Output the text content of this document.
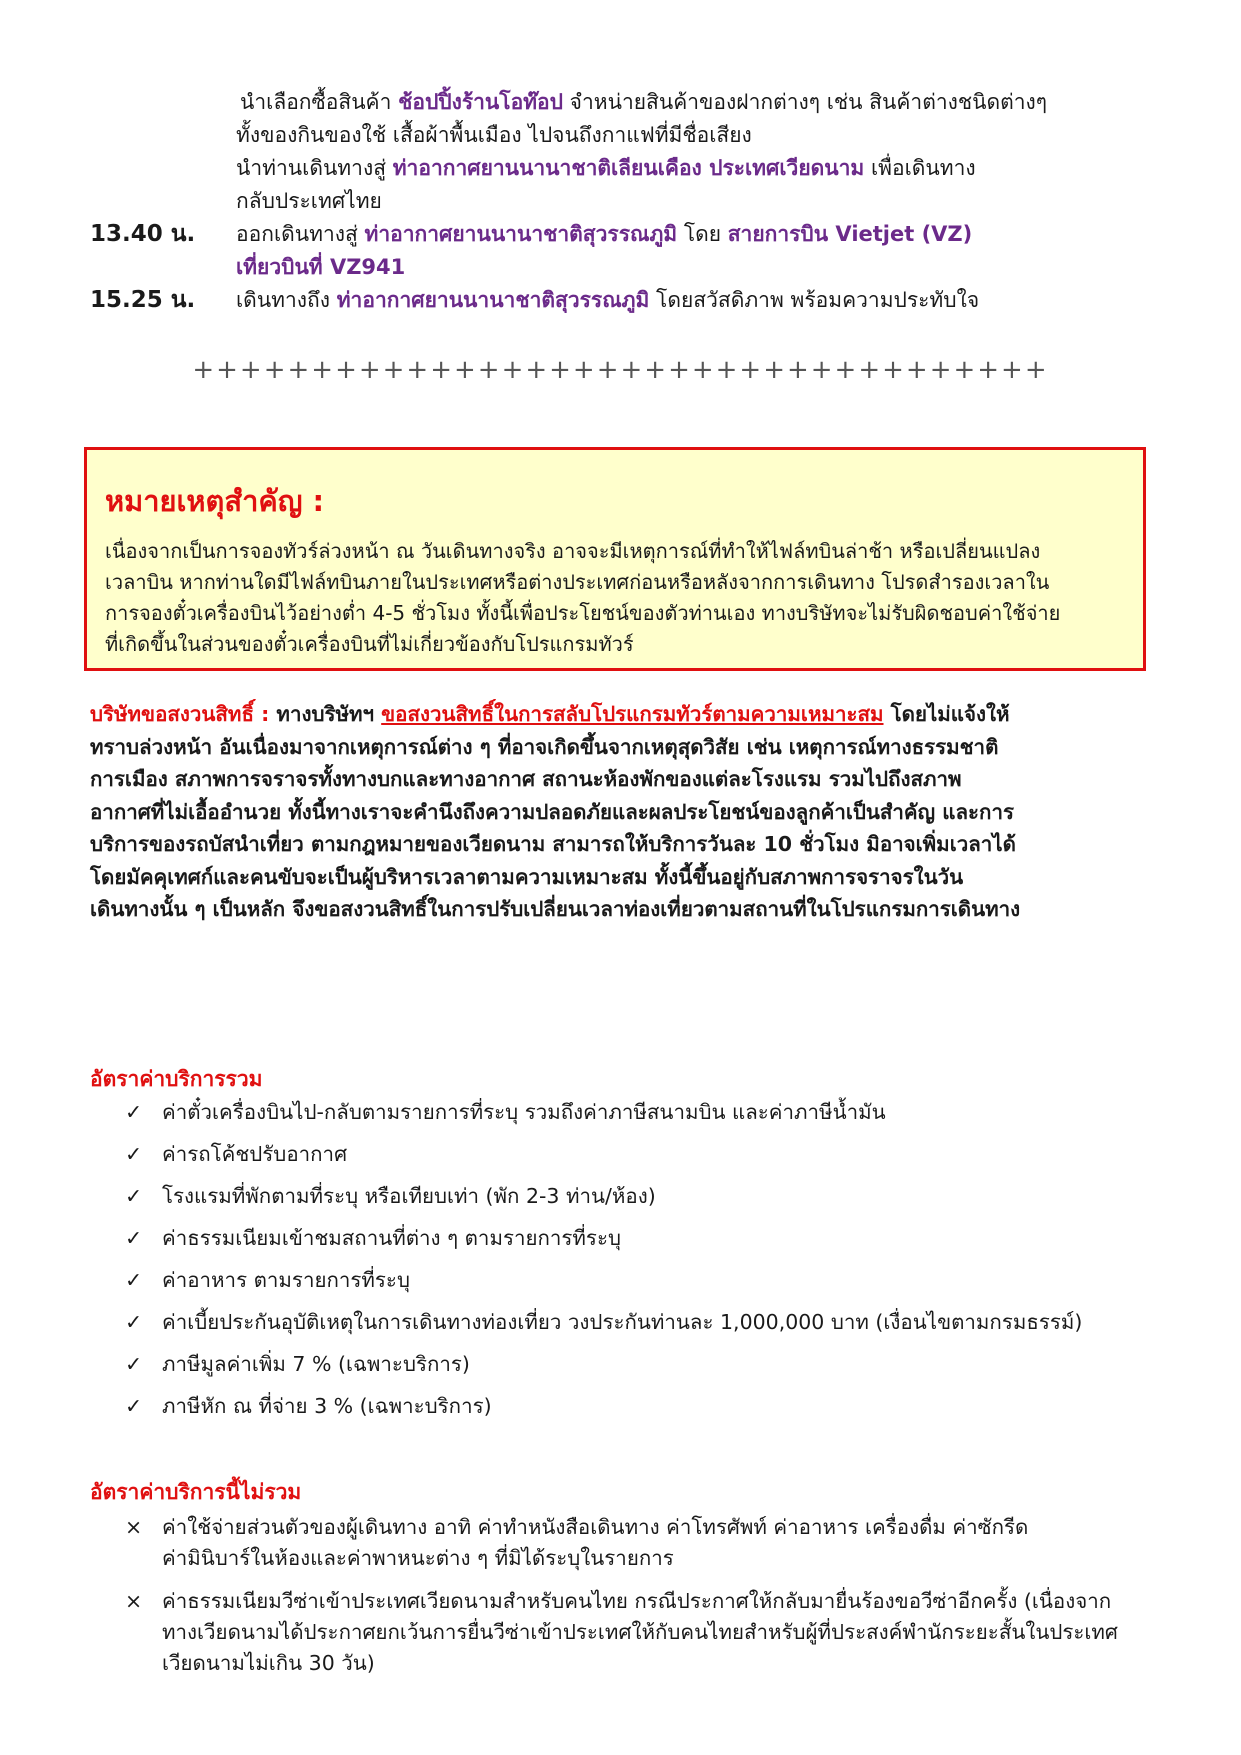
นำเลือกซื้อสินค้า ช้อปปิ้งร้านโอท๊อป จำหน่ายสินค้าของฝากต่างๆ เช่น สินค้าต่างชนิดต่างๆ
ทั้งของกินของใช้ เสื้อผ้าพื้นเมือง ไปจนถึงกาแฟที่มีชื่อเสียง
นำท่านเดินทางสู่ ท่าอากาศยานนานาชาติเลียนเคือง ประเทศเวียดนาม เพื่อเดินทาง
กลับประเทศไทย
13.40 น.	ออกเดินทางสู่ ท่าอากาศยานนานาชาติสุวรรณภูมิ โดย สายการบิน Vietjet (VZ)
เที่ยวบินที่ VZ941
15.25 น.	เดินทางถึง ท่าอากาศยานนานาชาติสุวรรณภูมิ โดยสวัสดิภาพ พร้อมความประทับใจ
++++++++++++++++++++++++++++++++++++
หมายเหตุสำคัญ :
เนื่องจากเป็นการจองทัวร์ล่วงหน้า ณ วันเดินทางจริง อาจจะมีเหตุการณ์ที่ทำให้ไฟล์ทบินล่าช้า หรือเปลี่ยนแปลง
เวลาบิน หากท่านใดมีไฟล์ทบินภายในประเทศหรือต่างประเทศก่อนหรือหลังจากการเดินทาง โปรดสำรองเวลาใน
การจองตั๋วเครื่องบินไว้อย่างต่ำ 4-5 ชั่วโมง ทั้งนี้เพื่อประโยชน์ของตัวท่านเอง ทางบริษัทจะไม่รับผิดชอบค่าใช้จ่าย
ที่เกิดขึ้นในส่วนของตั๋วเครื่องบินที่ไม่เกี่ยวข้องกับโปรแกรมทัวร์
บริษัทขอสงวนสิทธิ์ : ทางบริษัทฯ ขอสงวนสิทธิ์ในการสลับโปรแกรมทัวร์ตามความเหมาะสม โดยไม่แจ้งให้
ทราบล่วงหน้า อันเนื่องมาจากเหตุการณ์ต่าง ๆ ที่อาจเกิดขึ้นจากเหตุสุดวิสัย เช่น เหตุการณ์ทางธรรมชาติ
การเมือง สภาพการจราจรทั้งทางบกและทางอากาศ สถานะห้องพักของแต่ละโรงแรม รวมไปถึงสภาพ
อากาศที่ไม่เอื้ออำนวย ทั้งนี้ทางเราจะคำนึงถึงความปลอดภัยและผลประโยชน์ของลูกค้าเป็นสำคัญ และการ
บริการของรถบัสนำเที่ยว ตามกฎหมายของเวียดนาม สามารถให้บริการวันละ 10 ชั่วโมง มิอาจเพิ่มเวลาได้
โดยมัคคุเทศก์และคนขับจะเป็นผู้บริหารเวลาตามความเหมาะสม ทั้งนี้ขึ้นอยู่กับสภาพการจราจรในวัน
เดินทางนั้น ๆ เป็นหลัก จึงขอสงวนสิทธิ์ในการปรับเปลี่ยนเวลาท่องเที่ยวตามสถานที่ในโปรแกรมการเดินทาง
อัตราค่าบริการรวม
✓ ค่าตั๋วเครื่องบินไป-กลับตามรายการที่ระบุ รวมถึงค่าภาษีสนามบิน และค่าภาษีน้ำมัน
✓ ค่ารถโค้ชปรับอากาศ
✓ โรงแรมที่พักตามที่ระบุ หรือเทียบเท่า (พัก 2-3 ท่าน/ห้อง)
✓ ค่าธรรมเนียมเข้าชมสถานที่ต่าง ๆ ตามรายการที่ระบุ
✓ ค่าอาหาร ตามรายการที่ระบุ
✓ ค่าเบี้ยประกันอุบัติเหตุในการเดินทางท่องเที่ยว วงประกันท่านละ 1,000,000 บาท (เงื่อนไขตามกรมธรรม์)
✓ ภาษีมูลค่าเพิ่ม 7 % (เฉพาะบริการ)
✓ ภาษีหัก ณ ที่จ่าย 3 % (เฉพาะบริการ)
อัตราค่าบริการนี้ไม่รวม
× ค่าใช้จ่ายส่วนตัวของผู้เดินทาง อาทิ ค่าทำหนังสือเดินทาง ค่าโทรศัพท์ ค่าอาหาร เครื่องดื่ม ค่าซักรีด
ค่ามินิบาร์ในห้องและค่าพาหนะต่าง ๆ ที่มิได้ระบุในรายการ
× ค่าธรรมเนียมวีซ่าเข้าประเทศเวียดนามสำหรับคนไทย กรณีประกาศให้กลับมายื่นร้องขอวีซ่าอีกครั้ง (เนื่องจาก
ทางเวียดนามได้ประกาศยกเว้นการยื่นวีซ่าเข้าประเทศให้กับคนไทยสำหรับผู้ที่ประสงค์พำนักระยะสั้นในประเทศ
เวียดนามไม่เกิน 30 วัน)
